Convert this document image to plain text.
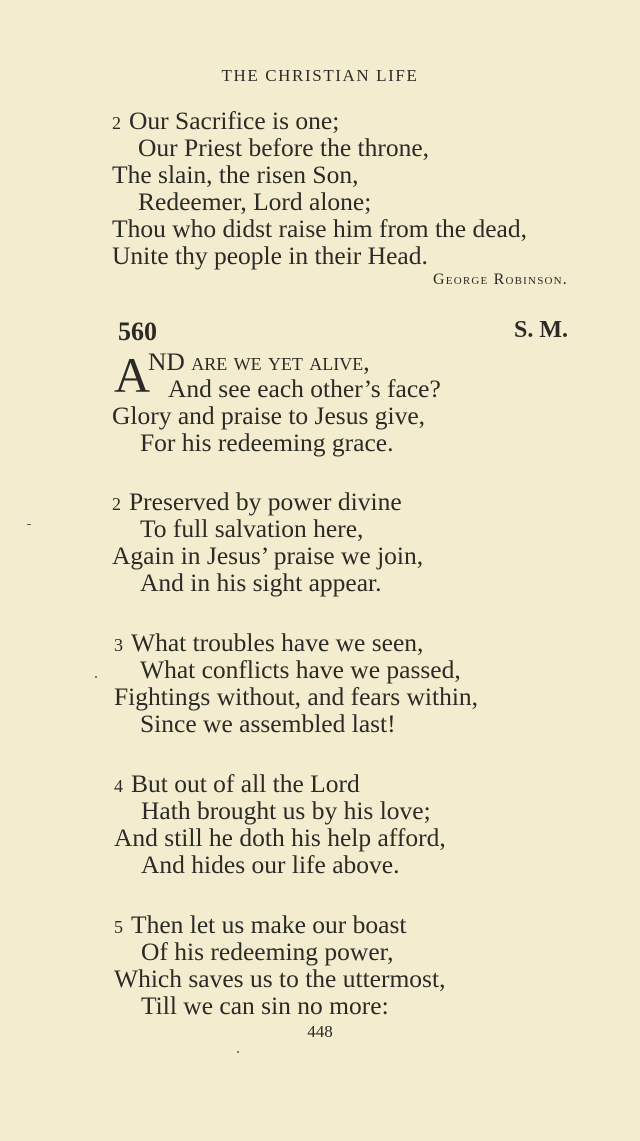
THE CHRISTIAN LIFE
2 Our Sacrifice is one;
Our Priest before the throne,
The slain, the risen Son,
Redeemer, Lord alone;
Thou who didst raise him from the dead,
Unite thy people in their Head.
George Robinson.
560	S. M.
A
ND are we yet alive,
And see each other’s face?
Glory and praise to Jesus give,
For his redeeming grace.
2 Preserved by power divine
To full salvation here,
Again in Jesus’ praise we join,
And in his sight appear.
3 What troubles have we seen,
What conflicts have we passed,
Fightings without, and fears within,
Since we assembled last!
4 But out of all the Lord
Hath brought us by his love;
And still he doth his help afford,
And hides our life above.
5 Then let us make our boast
Of his redeeming power,
Which saves us to the uttermost,
Till we can sin no more:
448
